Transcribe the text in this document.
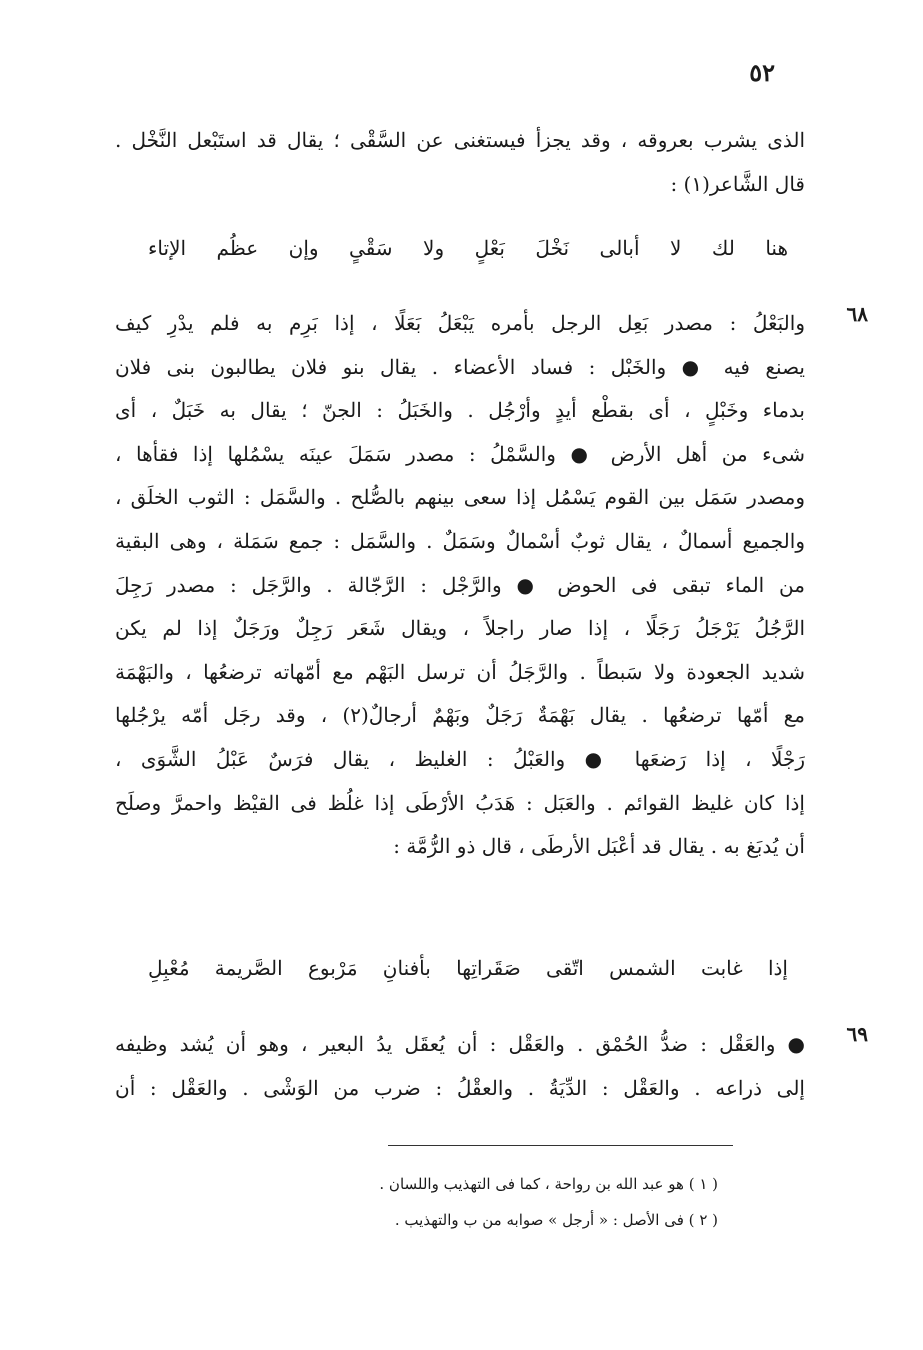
٥٢
الذى يشرب بعروقه ، وقد يجزأ فيستغنى عن السَّقْى ؛ يقال قد استَبْعل النَّخْل .
قال الشَّاعر(١) :
هنا لك لا أبالى نَخْلَ بَعْلٍ ولا سَقْىٍ وإن عظُم الإتاء
٦٨
والبَعْلُ : مصدر بَعِل الرجل بأمره يَبْعَلُ بَعَلًا ، إذا بَرِم به فلم يدْرِ كيف
يصنع فيه ● والخَبْل : فساد الأعضاء . يقال بنو فلان يطالبون بنى فلان
بدماء وخَبْلٍ ، أى بقطْع أيدٍ وأرْجُل . والخَبَلُ : الجنّ ؛ يقال به خَبَلٌ ، أى
شىء من أهل الأرض ● والسَّمْلُ : مصدر سَمَلَ عينَه يسْمُلها إذا فقأها ،
ومصدر سَمَل بين القوم يَسْمُل إذا سعى بينهم بالصُّلح . والسَّمَل : الثوب الخلَق ،
والجميع أسمالٌ ، يقال ثوبٌ أسْمالٌ وسَمَلٌ . والسَّمَل : جمع سَمَلة ، وهى البقية
من الماء تبقى فى الحوض ● والرَّجْل : الرَّجّالة . والرَّجَل : مصدر رَجِلَ
الرَّجُلُ يَرْجَلُ رَجَلًا ، إذا صار راجلاً ، ويقال شَعَر رَجِلٌ ورَجَلٌ إذا لم يكن
شديد الجعودة ولا سَبطاً . والرَّجَلُ أن ترسل البَهْم مع أمّهاته ترضعُها ، والبَهْمَة
مع أمّها ترضعُها . يقال بَهْمَةٌ رَجَلٌ وبَهْمٌ أرجالٌ(٢) ، وقد رجَل أمّه يرْجُلها
رَجْلًا ، إذا رَضعَها ● والعَبْلُ : الغليظ ، يقال فرَسٌ عَبْلُ الشَّوَى ،
إذا كان غليظ القوائم . والعَبَل : هَدَبُ الأرْطَى إذا غلُظ فى القيْظ واحمرَّ وصلَح
أن يُدبَغ به . يقال قد أعْبَل الأرطَى ، قال ذو الرُّمَّة :
إذا غابت الشمس اتّقى صَقَراتِها بأفنانِ مَرْبوع الصَّريمة مُعْبِلِ
٦٩
● والعَقْل : ضدُّ الحُمْق . والعَقْل : أن يُعقَل يدُ البعير ، وهو أن يُشد وظيفه
إلى ذراعه . والعَقْل : الدِّيَةُ . والعقْلُ : ضرب من الوَشْى . والعَقْل : أن
( ١ ) هو عبد الله بن رواحة ، كما فى التهذيب واللسان .
( ٢ ) فى الأصل : « أرجل » صوابه من ب والتهذيب .
